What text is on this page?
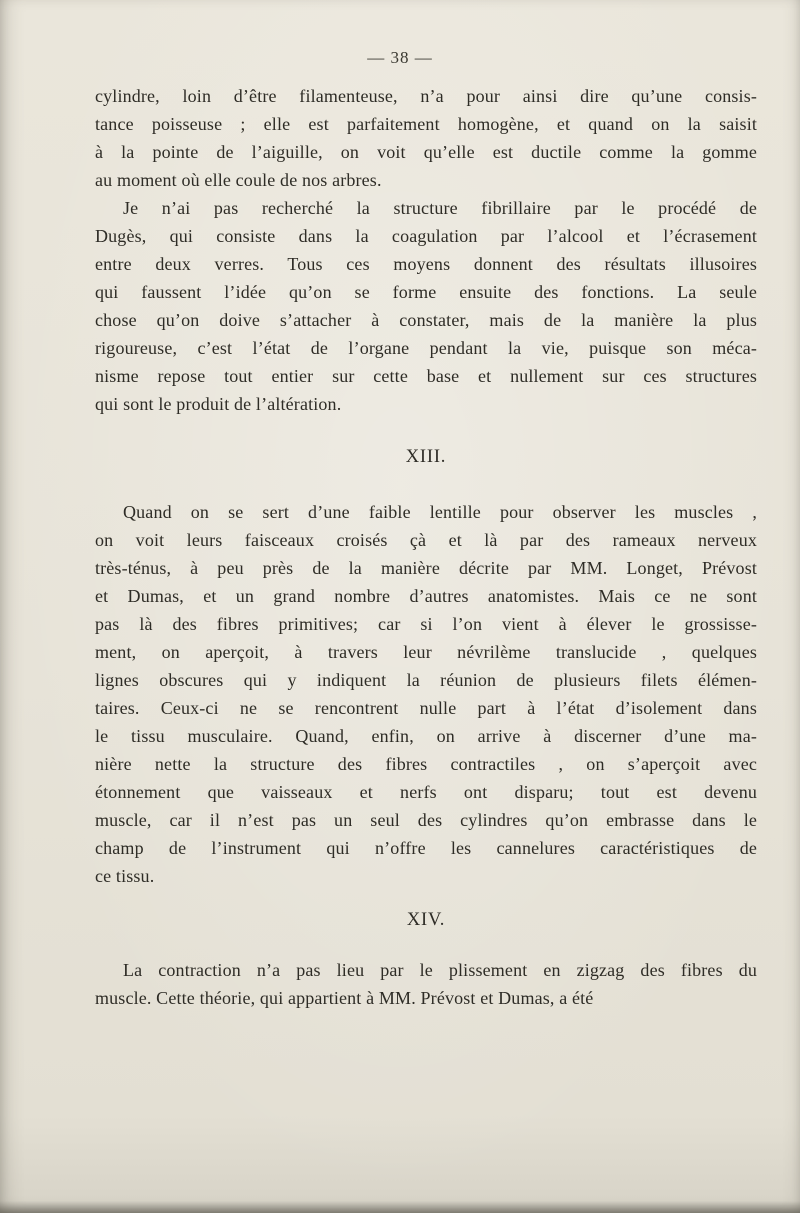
— 38 —
cylindre, loin d’être filamenteuse, n’a pour ainsi dire qu’une consis-
tance poisseuse ; elle est parfaitement homogène, et quand on la saisit
à la pointe de l’aiguille, on voit qu’elle est ductile comme la gomme
au moment où elle coule de nos arbres.
Je n’ai pas recherché la structure fibrillaire par le procédé de
Dugès, qui consiste dans la coagulation par l’alcool et l’écrasement
entre deux verres. Tous ces moyens donnent des résultats illusoires
qui faussent l’idée qu’on se forme ensuite des fonctions. La seule
chose qu’on doive s’attacher à constater, mais de la manière la plus
rigoureuse, c’est l’état de l’organe pendant la vie, puisque son méca-
nisme repose tout entier sur cette base et nullement sur ces structures
qui sont le produit de l’altération.
XIII.
Quand on se sert d’une faible lentille pour observer les muscles ,
on voit leurs faisceaux croisés çà et là par des rameaux nerveux
très-ténus, à peu près de la manière décrite par MM. Longet, Prévost
et Dumas, et un grand nombre d’autres anatomistes. Mais ce ne sont
pas là des fibres primitives; car si l’on vient à élever le grossisse-
ment, on aperçoit, à travers leur névrilème translucide , quelques
lignes obscures qui y indiquent la réunion de plusieurs filets élémen-
taires. Ceux-ci ne se rencontrent nulle part à l’état d’isolement dans
le tissu musculaire. Quand, enfin, on arrive à discerner d’une ma-
nière nette la structure des fibres contractiles , on s’aperçoit avec
étonnement que vaisseaux et nerfs ont disparu; tout est devenu
muscle, car il n’est pas un seul des cylindres qu’on embrasse dans le
champ de l’instrument qui n’offre les cannelures caractéristiques de
ce tissu.
XIV.
La contraction n’a pas lieu par le plissement en zigzag des fibres du
muscle. Cette théorie, qui appartient à MM. Prévost et Dumas, a été
